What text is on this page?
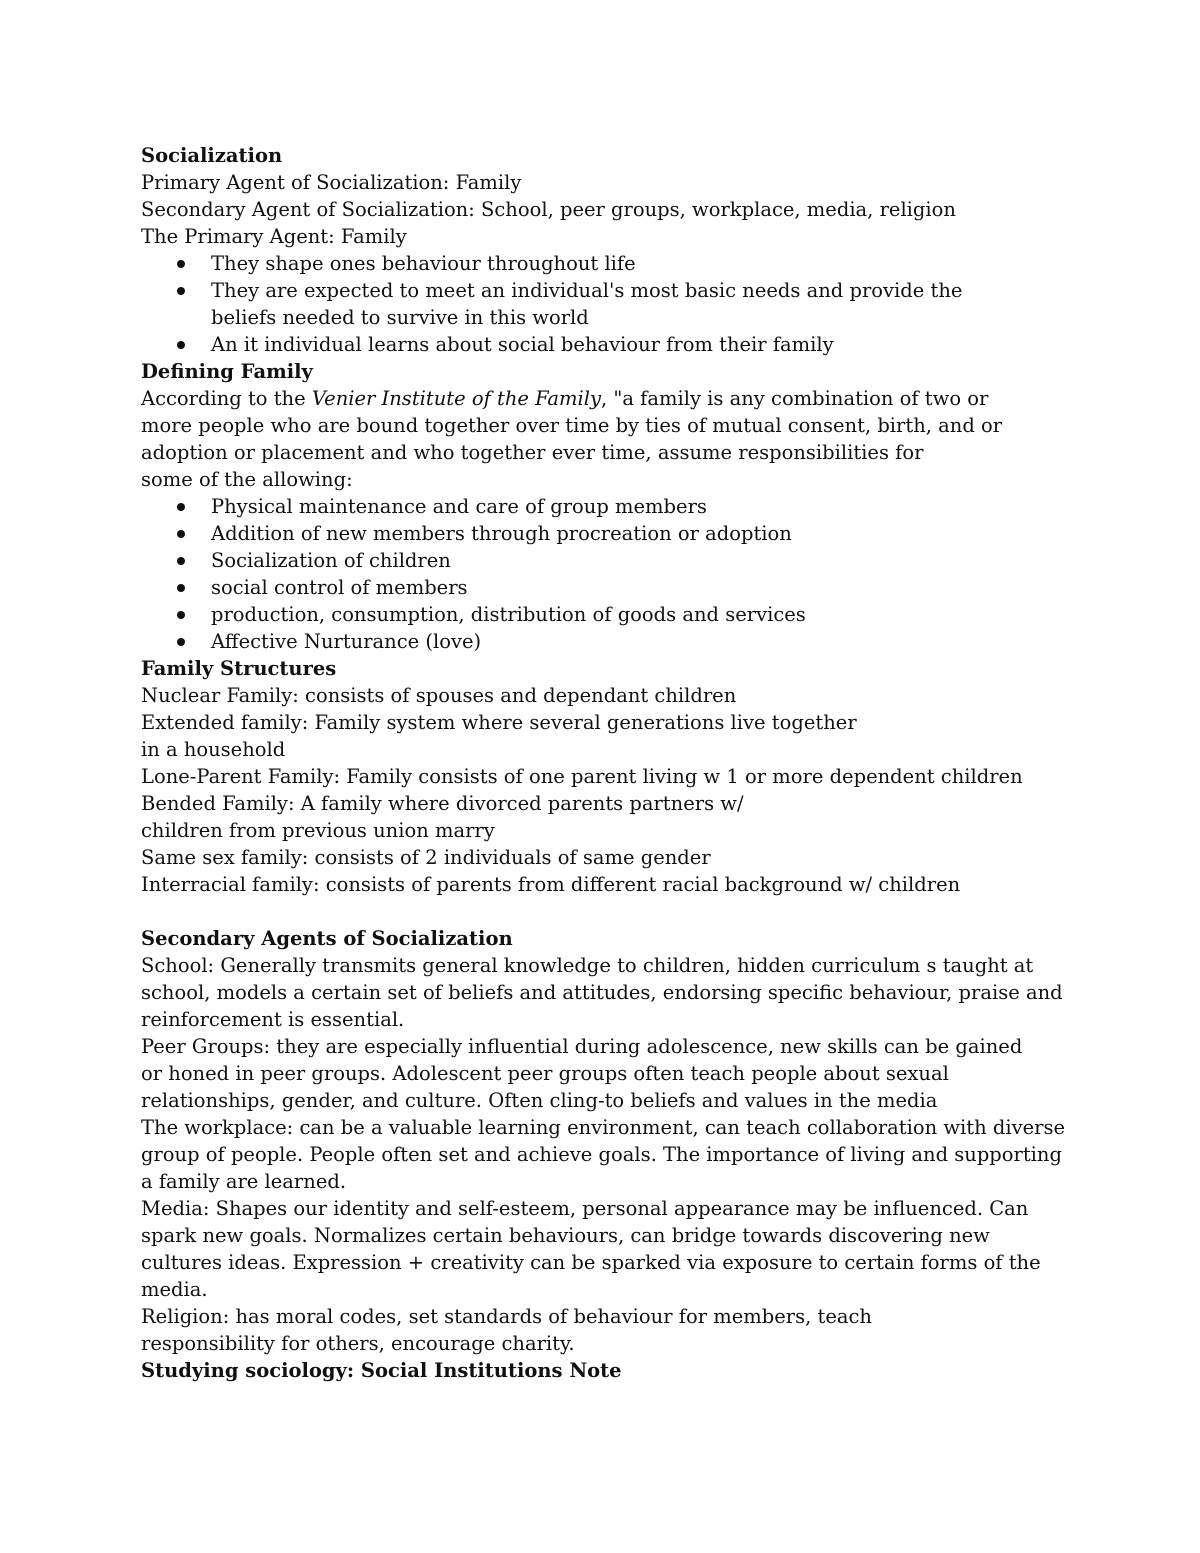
Socialization

Primary Agent of Socialization: Family

Secondary Agent of Socialization: School, peer groups, workplace, media, religion

The Primary Agent: Family

They shape ones behaviour throughout life
They are expected to meet an individual's most basic needs and provide the beliefs needed to survive in this world
An it individual learns about social behaviour from their family

Defining Family

According to the Venier Institute of the Family, "a family is any combination of two or more people who are bound together over time by ties of mutual consent, birth, and or adoption or placement and who together ever time, assume responsibilities for

some of the allowing:

Physical maintenance and care of group members
Addition of new members through procreation or adoption
Socialization of children
social control of members
production, consumption, distribution of goods and services
Affective Nurturance (love)

Family Structures

Nuclear Family: consists of spouses and dependant children

Extended family: Family system where several generations live together

in a household

Lone-Parent Family: Family consists of one parent living w 1 or more dependent children

Bended Family: A family where divorced parents partners w/

children from previous union marry

Same sex family: consists of 2 individuals of same gender

Interracial family: consists of parents from different racial background w/ children

Secondary Agents of Socialization

School: Generally transmits general knowledge to children, hidden curriculum s taught at school, models a certain set of beliefs and attitudes, endorsing specific behaviour, praise and reinforcement is essential.

Peer Groups: they are especially influential during adolescence, new skills can be gained or honed in peer groups. Adolescent peer groups often teach people about sexual relationships, gender, and culture. Often cling-to beliefs and values in the media

The workplace: can be a valuable learning environment, can teach collaboration with diverse group of people. People often set and achieve goals. The importance of living and supporting a family are learned.

Media: Shapes our identity and self-esteem, personal appearance may be influenced. Can spark new goals. Normalizes certain behaviours, can bridge towards discovering new cultures ideas. Expression + creativity can be sparked via exposure to certain forms of the media.

Religion: has moral codes, set standards of behaviour for members, teach responsibility for others, encourage charity.

Studying sociology: Social Institutions Note
